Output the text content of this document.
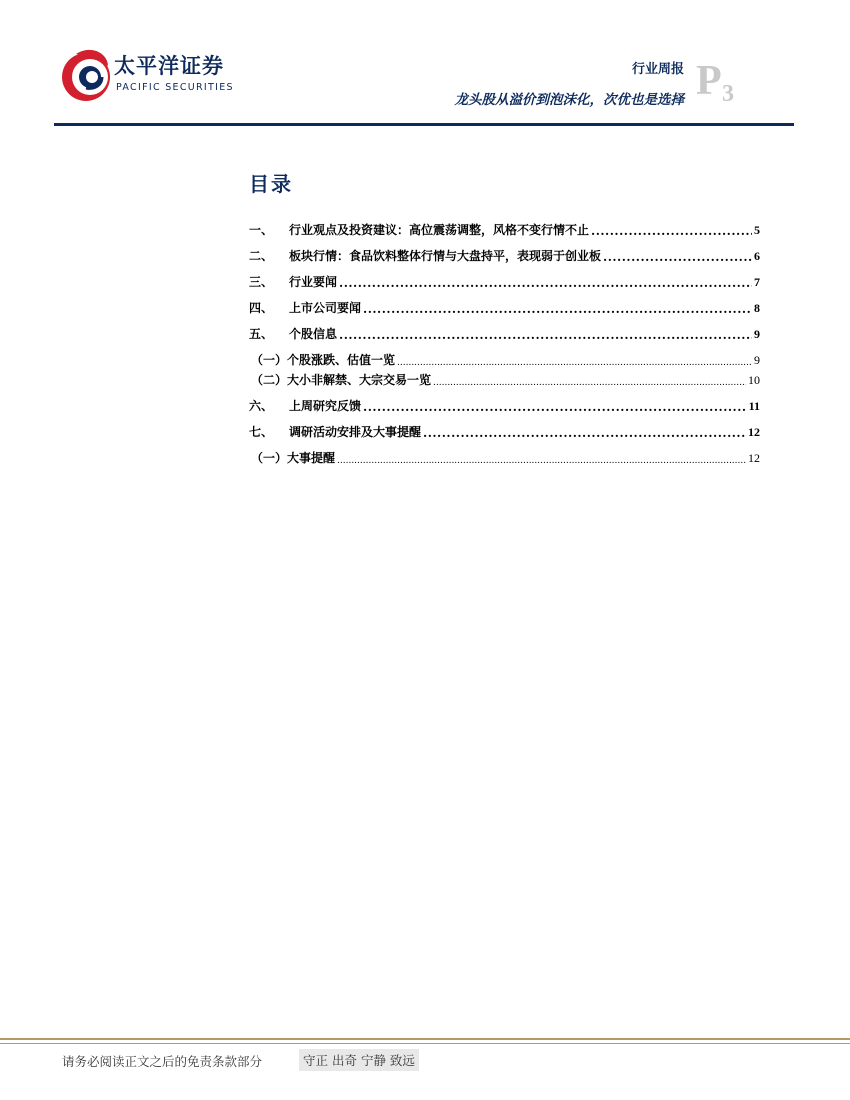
太平洋证券
PACIFIC SECURITIES
行业周报
龙头股从溢价到泡沫化，次优也是选择 P 3
目录
一、	行业观点及投资建议：高位震荡调整，风格不变行情不止 .....	5
二、	板块行情：食品饮料整体行情与大盘持平，表现弱于创业板 .....	6
三、	行业要闻 .....	7
四、	上市公司要闻 .....	8
五、	个股信息 .....	9
（一）个股涨跌、估值一览 .....	9
（二）大小非解禁、大宗交易一览 .....	10
六、	上周研究反馈 .....	11
七、	调研活动安排及大事提醒 .....	12
（一）大事提醒 .....	12
请务必阅读正文之后的免责条款部分	守正 出奇 宁静 致远
